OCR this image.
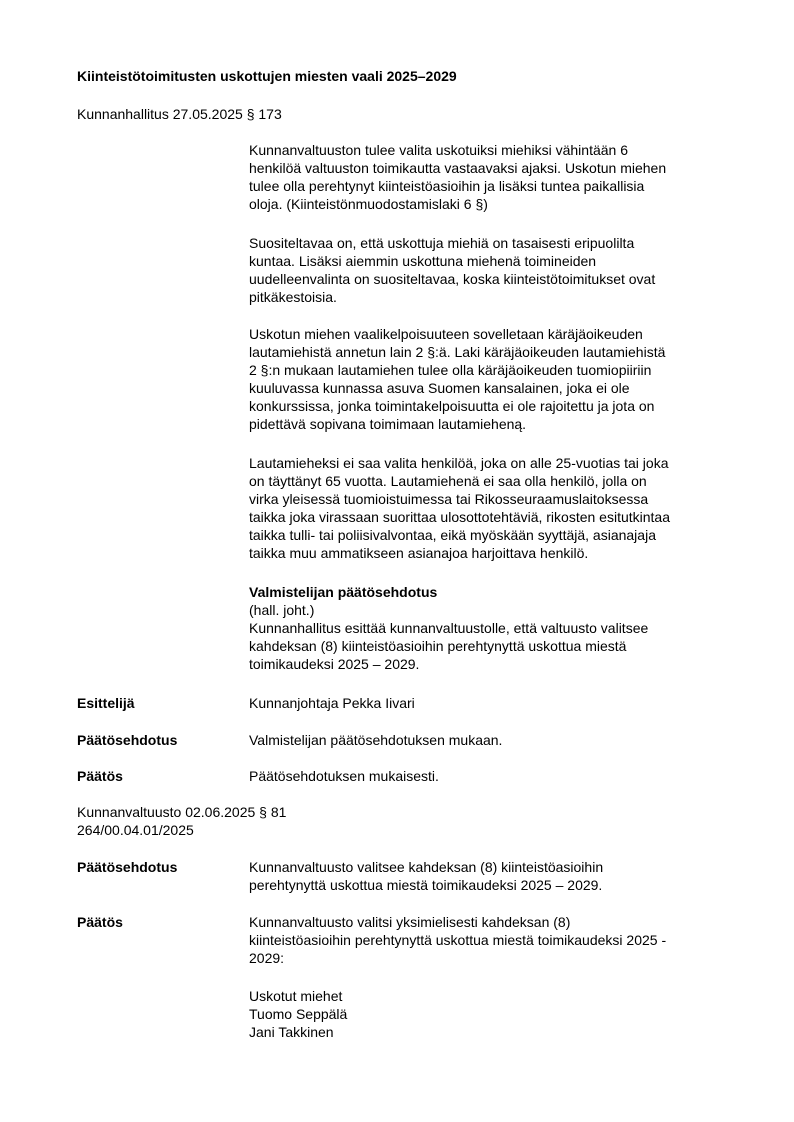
Kiinteistötoimitusten uskottujen miesten vaali 2025–2029
Kunnanhallitus 27.05.2025 § 173
Kunnanvaltuuston tulee valita uskotuiksi miehiksi vähintään 6
henkilöä valtuuston toimikautta vastaavaksi ajaksi. Uskotun miehen
tulee olla perehtynyt kiinteistöasioihin ja lisäksi tuntea paikallisia
oloja. (Kiinteistönmuodostamislaki 6 §)
Suositeltavaa on, että uskottuja miehiä on tasaisesti eripuolilta
kuntaa. Lisäksi aiemmin uskottuna miehenä toimineiden
uudelleenvalinta on suositeltavaa, koska kiinteistötoimitukset ovat
pitkäkestoisia.
Uskotun miehen vaalikelpoisuuteen sovelletaan käräjäoikeuden
lautamiehistä annetun lain 2 §:ä. Laki käräjäoikeuden lautamiehistä
2 §:n mukaan lautamiehen tulee olla käräjäoikeuden tuomiopiiriin
kuuluvassa kunnassa asuva Suomen kansalainen, joka ei ole
konkurssissa, jonka toimintakelpoisuutta ei ole rajoitettu ja jota on
pidettävä sopivana toimimaan lautamieheną.
Lautamieheksi ei saa valita henkilöä, joka on alle 25-vuotias tai joka
on täyttänyt 65 vuotta. Lautamiehenä ei saa olla henkilö, jolla on
virka yleisessä tuomioistuimessa tai Rikosseuraamuslaitoksessa
taikka joka virassaan suorittaa ulosottotehtäviä, rikosten esitutkintaa
taikka tulli- tai poliisivalvontaa, eikä myöskään syyttäjä, asianajaja
taikka muu ammatikseen asianajoa harjoittava henkilö.
Valmistelijan päätösehdotus
(hall. joht.)
Kunnanhallitus esittää kunnanvaltuustolle, että valtuusto valitsee
kahdeksan (8) kiinteistöasioihin perehtynyttä uskottua miestä
toimikaudeksi 2025 – 2029.
Esittelijä	Kunnanjohtaja Pekka Iivari
Päätösehdotus	Valmistelijan päätösehdotuksen mukaan.
Päätös	Päätösehdotuksen mukaisesti.
Kunnanvaltuusto 02.06.2025 § 81
264/00.04.01/2025
Päätösehdotus	Kunnanvaltuusto valitsee kahdeksan (8) kiinteistöasioihin
perehtynyttä uskottua miestä toimikaudeksi 2025 – 2029.
Päätös	Kunnanvaltuusto valitsi yksimielisesti kahdeksan (8)
kiinteistöasioihin perehtynyttä uskottua miestä toimikaudeksi 2025 -
2029:
Uskotut miehet
Tuomo Seppälä
Jani Takkinen
